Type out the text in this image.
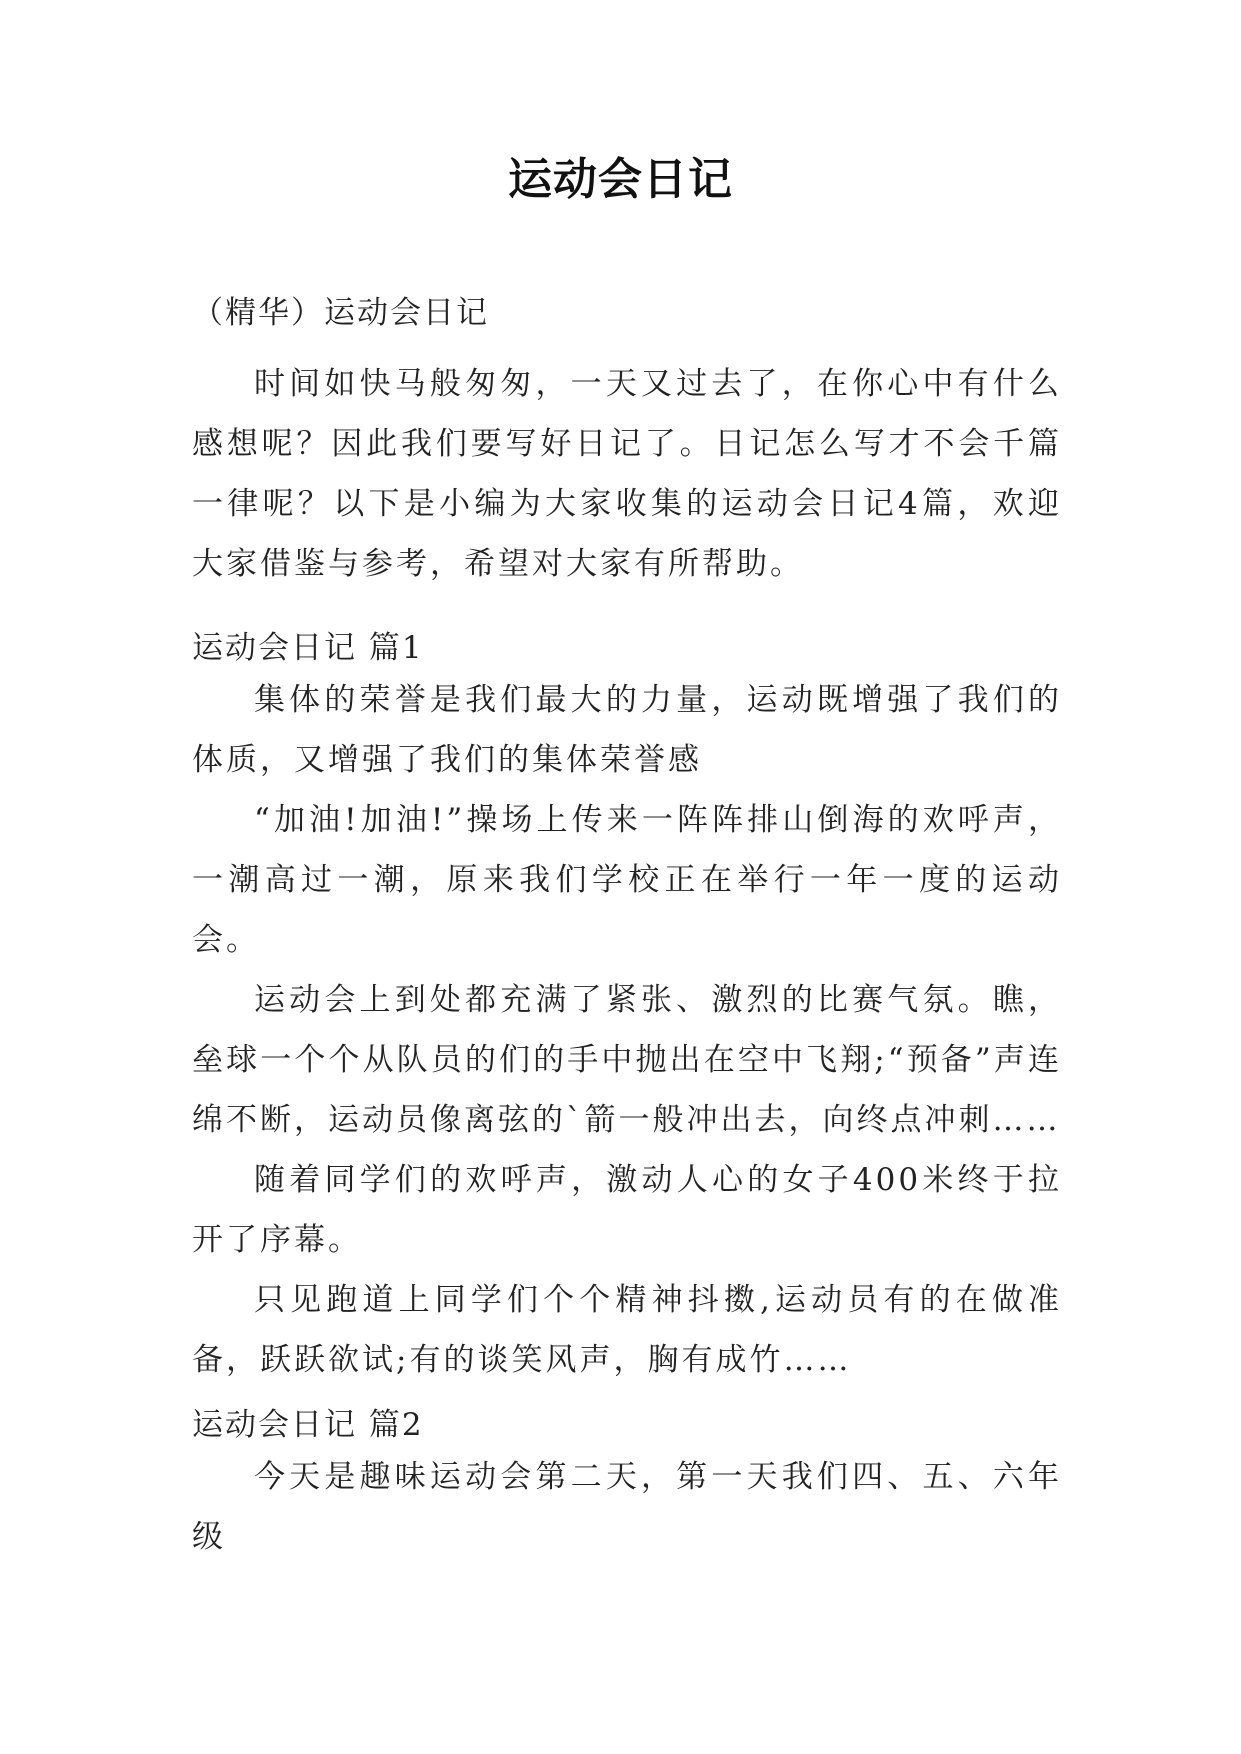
运动会日记
（精华）运动会日记

时间如快马般匆匆，一天又过去了，在你心中有什么感想呢？因此我们要写好日记了。日记怎么写才不会千篇一律呢？以下是小编为大家收集的运动会日记4篇，欢迎大家借鉴与参考，希望对大家有所帮助。

运动会日记 篇1

集体的荣誉是我们最大的力量，运动既增强了我们的体质，又增强了我们的集体荣誉感

“加油!加油!”操场上传来一阵阵排山倒海的欢呼声，一潮高过一潮，原来我们学校正在举行一年一度的运动会。

运动会上到处都充满了紧张、激烈的比赛气氛。瞧，垒球一个个从队员的们的手中抛出在空中飞翔;“预备”声连绵不断，运动员像离弦的`箭一般冲出去，向终点冲刺……

随着同学们的欢呼声，激动人心的女子400米终于拉开了序幕。

只见跑道上同学们个个精神抖擞,运动员有的在做准备，跃跃欲试;有的谈笑风声，胸有成竹……

运动会日记 篇2

今天是趣味运动会第二天，第一天我们四、五、六年级
